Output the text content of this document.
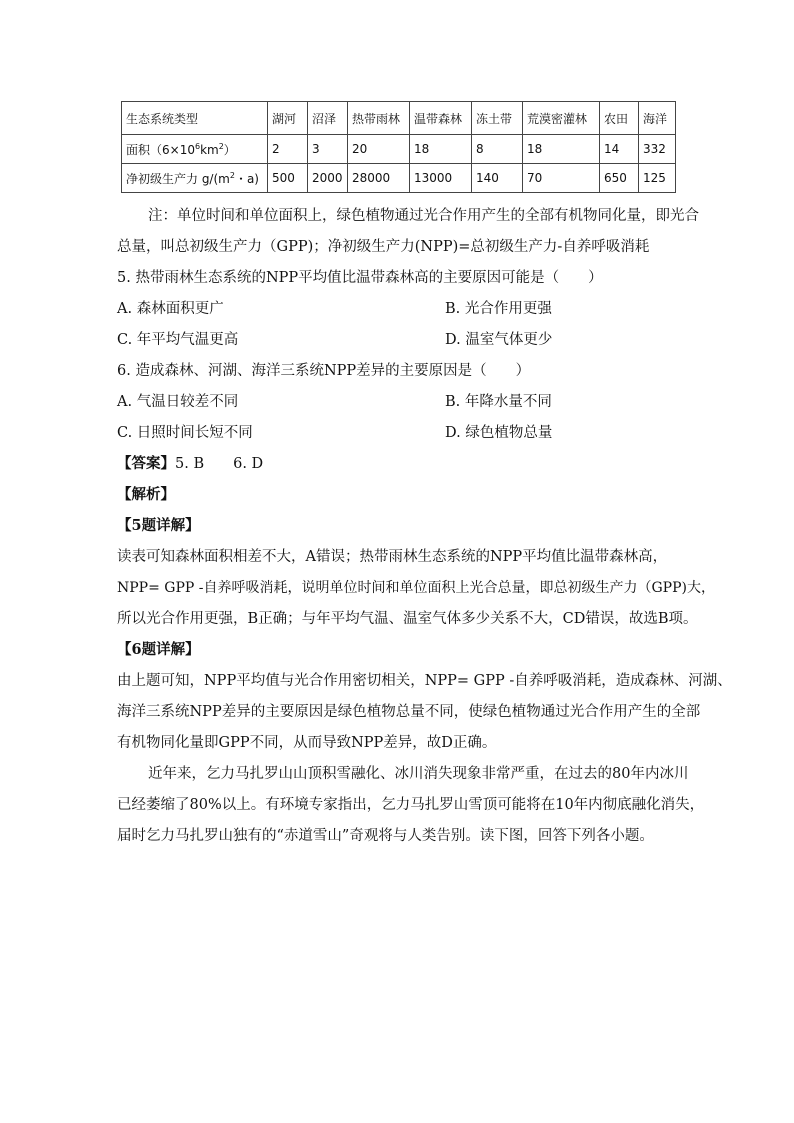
生态系统类型	湖河	沼泽	热带雨林	温带森林	冻土带	荒漠密灌林	农田	海洋
面积$(6\times 10^6km^2)$	2	3	20	18	8	18	14	332
净初级生产力 $g/(m^2$・a)	500	2000	28000	13000	140	70	650	125
注：单位时间和单位面积上，绿色植物通过光合作用产生的全部有机物同化量，即光合
总量，叫总初级生产力（GPP)；净初级生产力(NPP)=总初级生产力-自养呼吸消耗
5. 热带雨林生态系统的NPP平均值比温带森林高的主要原因可能是（　　）
A. 森林面积更广	B. 光合作用更强
C. 年平均气温更高	D. 温室气体更少
6. 造成森林、河湖、海洋三系统NPP差异的主要原因是（　　）
A. 气温日较差不同	B. 年降水量不同
C. 日照时间长短不同	D. 绿色植物总量
【答案】5. B　　6. D
【解析】
【5题详解】
读表可知森林面积相差不大，A错误；热带雨林生态系统的NPP平均值比温带森林高，
NPP= GPP -自养呼吸消耗，说明单位时间和单位面积上光合总量，即总初级生产力（GPP)大，
所以光合作用更强，B正确；与年平均气温、温室气体多少关系不大，CD错误，故选B项。
【6题详解】
由上题可知，NPP平均值与光合作用密切相关，NPP= GPP -自养呼吸消耗，造成森林、河湖、
海洋三系统NPP差异的主要原因是绿色植物总量不同，使绿色植物通过光合作用产生的全部
有机物同化量即GPP不同，从而导致NPP差异，故D正确。
近年来，乞力马扎罗山山顶积雪融化、冰川消失现象非常严重，在过去的80年内冰川
已经萎缩了80%以上。有环境专家指出，乞力马扎罗山雪顶可能将在10年内彻底融化消失，
届时乞力马扎罗山独有的“赤道雪山”奇观将与人类告别。读下图，回答下列各小题。
